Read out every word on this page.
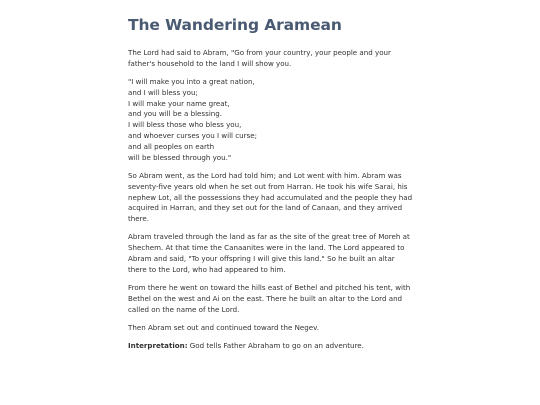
The Wandering Aramean

The Lord had said to Abram, "Go from your country, your people and your father's household to the land I will show you.

"I will make you into a great nation,
and I will bless you;
I will make your name great,
and you will be a blessing.
I will bless those who bless you,
and whoever curses you I will curse;
and all peoples on earth
will be blessed through you."

So Abram went, as the Lord had told him; and Lot went with him. Abram was seventy-five years old when he set out from Harran. He took his wife Sarai, his nephew Lot, all the possessions they had accumulated and the people they had acquired in Harran, and they set out for the land of Canaan, and they arrived there.

Abram traveled through the land as far as the site of the great tree of Moreh at Shechem. At that time the Canaanites were in the land. The Lord appeared to Abram and said, "To your offspring I will give this land." So he built an altar there to the Lord, who had appeared to him.

From there he went on toward the hills east of Bethel and pitched his tent, with Bethel on the west and Ai on the east. There he built an altar to the Lord and called on the name of the Lord.

Then Abram set out and continued toward the Negev.

Interpretation: God tells Father Abraham to go on an adventure.
